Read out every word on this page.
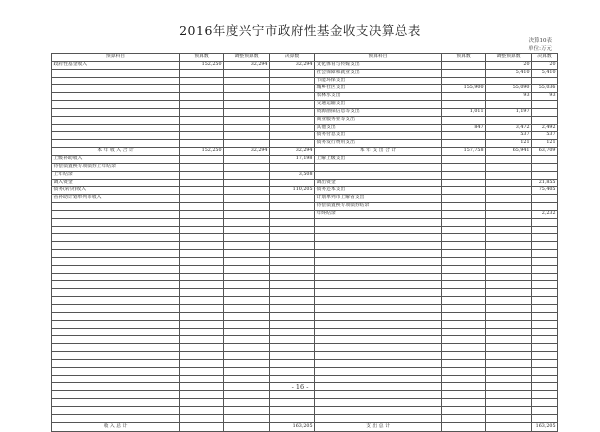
2016年度兴宁市政府性基金收支决算总表
决算10表
单位:万元
预算科目	预算数	调整预算数	决算数	预算科目	预算数	调整预算数	决算数
政府性基金收入	152,250	32,294	32,294	文化体育与传媒支出		20	20
				社会保障和就业支出		5,410	5,410
				节能环保支出			
				城乡社区支出	155,900	55,090	55,036
				农林水支出		93	93
				交通运输支出			
				资源勘探信息等支出	1,011	1,197	
				商业服务业等支出			
				其他支出	847	3,472	2,492
				债务付息支出		537	537
				债务发行费用支出		121	121
本 年 收 入 合 计	152,250	32,294	32,294	本 年 支 出 合 计	157,758	65,941	63,709
上级补助收入			17,198	上解上级支出			
待偿债置换专项债券上年结余							
上年结余			3,508				
调入资金				调出资金			21,855
债务(转贷)收入			110,205	债务还本支出			75,405
省补助计划单列市收入				计划单列市上解省支出			
				待偿债置换专项债券结余			
				年终结余			2,232

收 入 总 计			163,205	支 出 总 计			163,205
- 16 -
